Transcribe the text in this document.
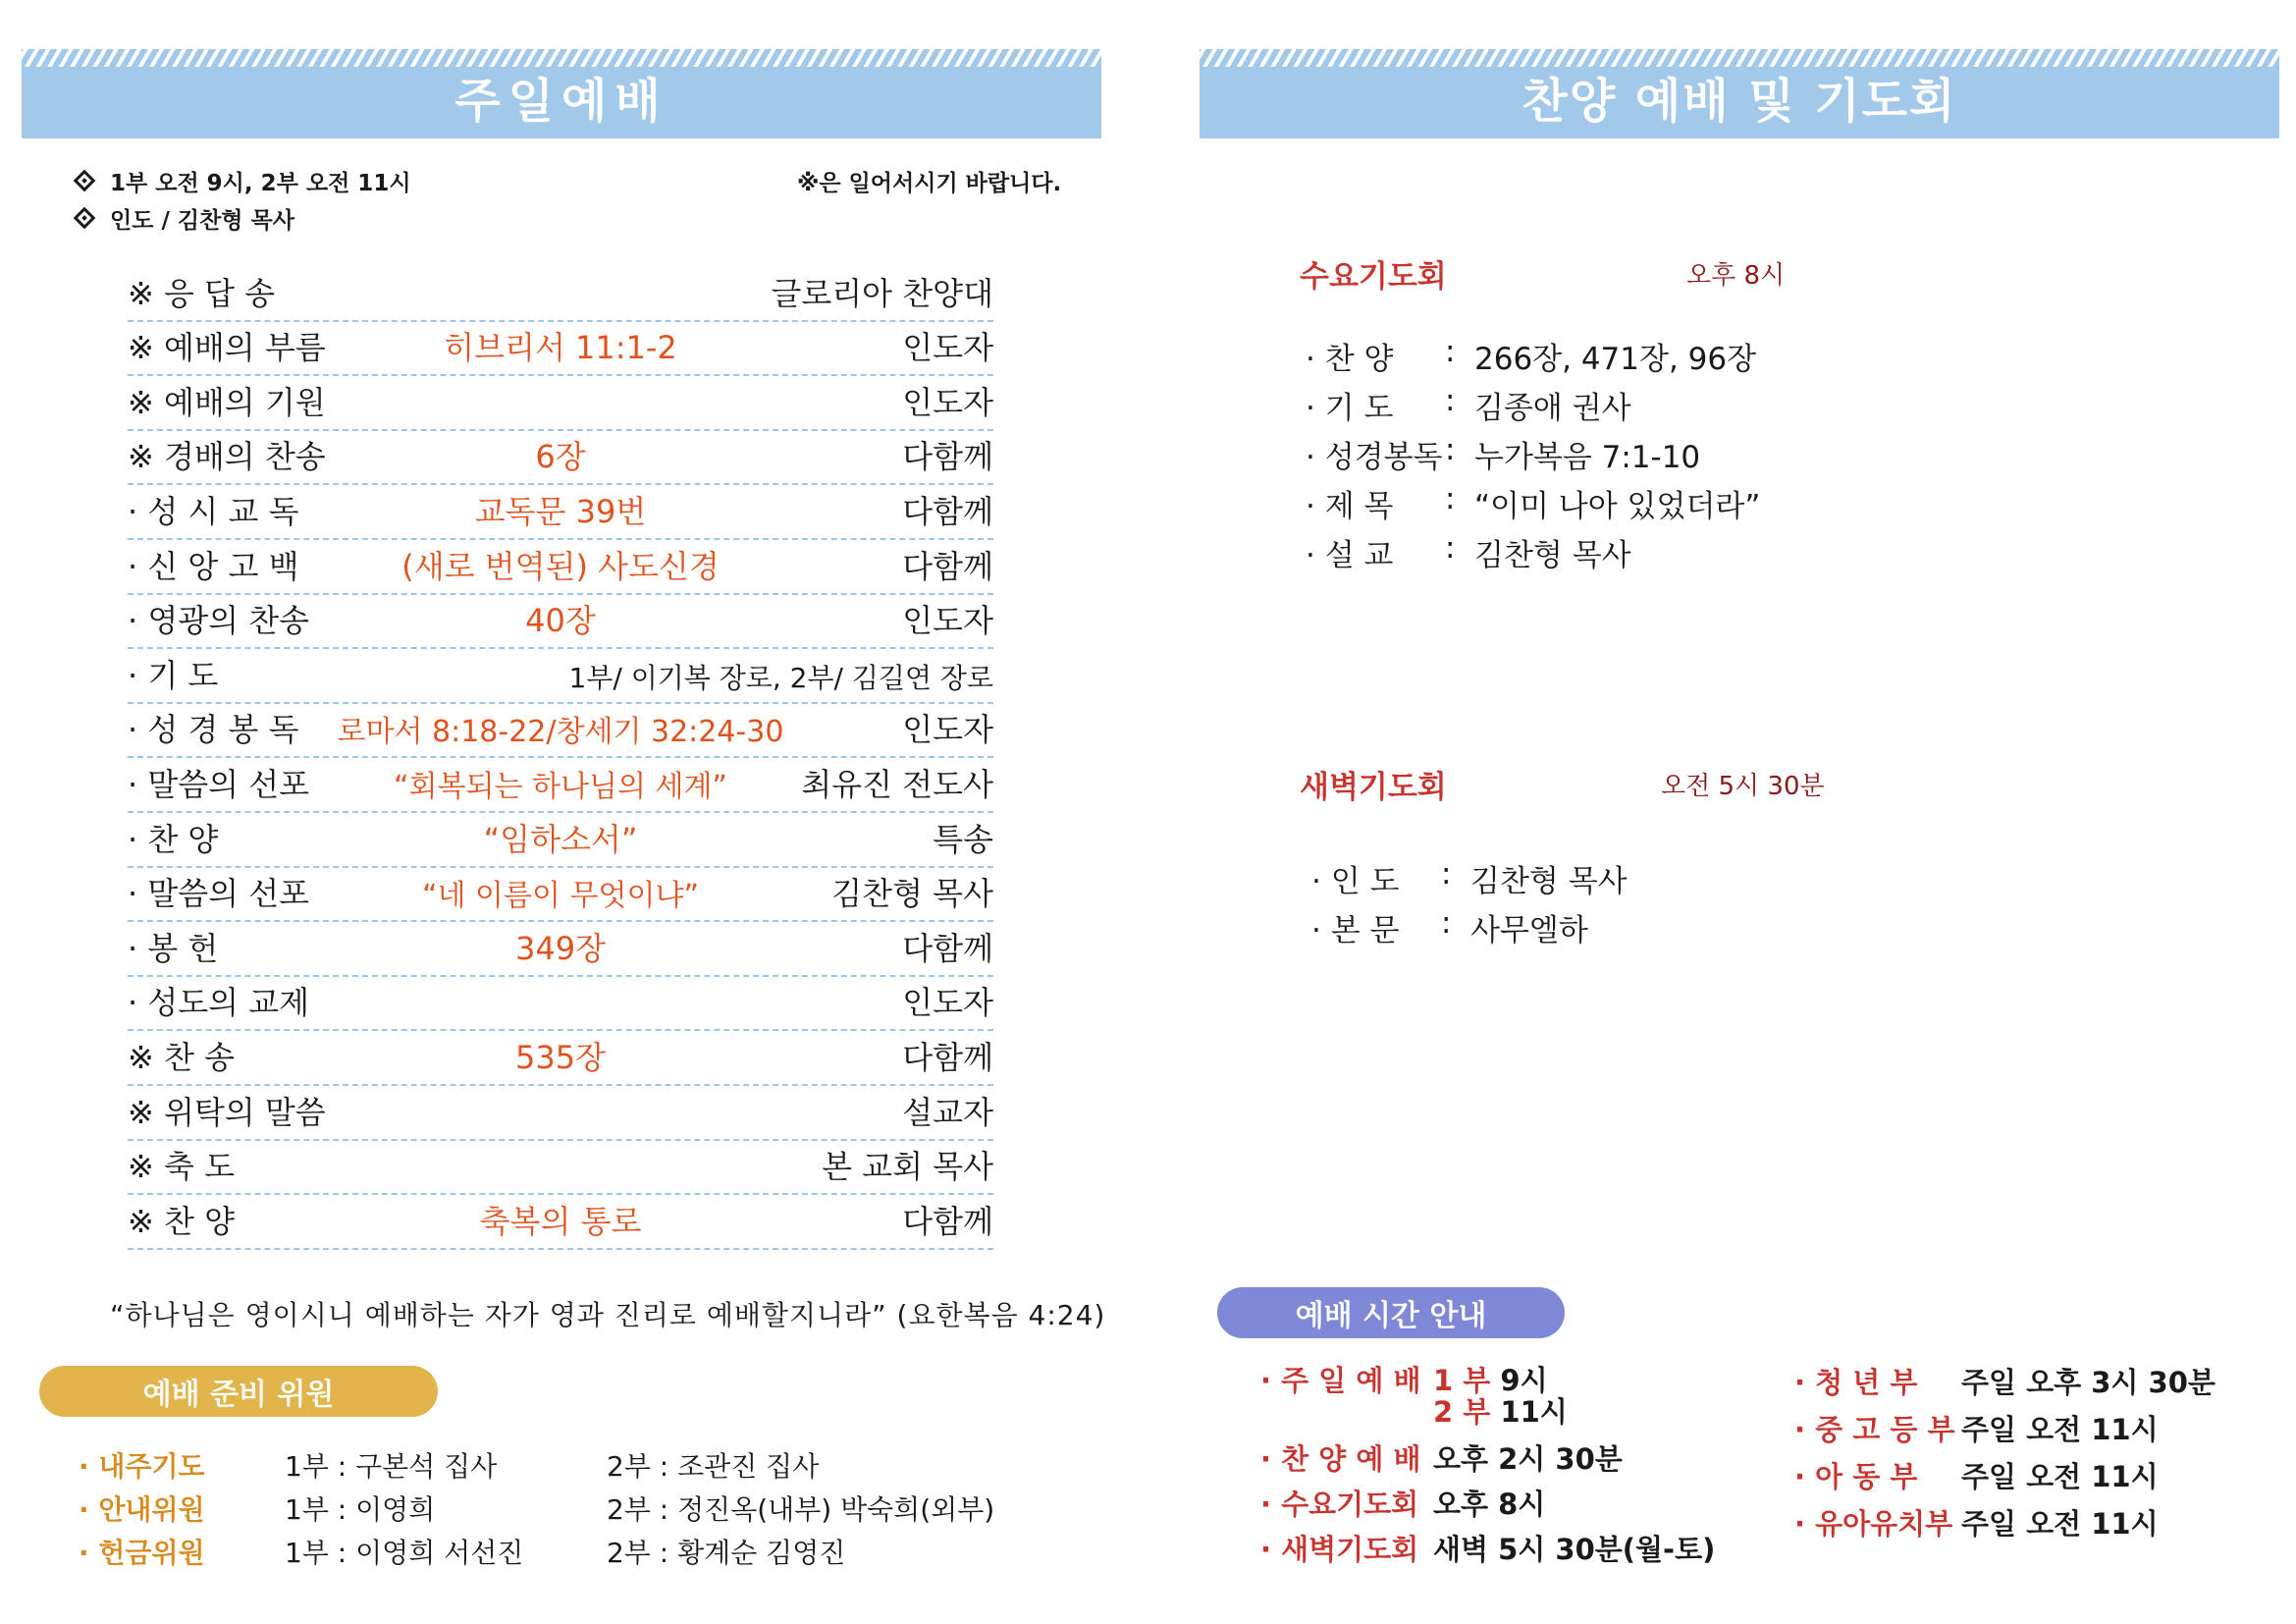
주일예배
1부 오전 9시, 2부 오전 11시
인도 / 김찬형 목사
※은 일어서시기 바랍니다.
※ 응 답 송	글로리아 찬양대
※ 예배의 부름	히브리서 11:1-2	인도자
※ 예배의 기원	인도자
※ 경배의 찬송	6장	다함께
· 성 시 교 독	교독문 39번	다함께
· 신 앙 고 백	(새로 번역된) 사도신경	다함께
· 영광의 찬송	40장	인도자
· 기 도	1부/ 이기복 장로, 2부/ 김길연 장로
· 성 경 봉 독 로마서 8:18-22/창세기 32:24-30	인도자
· 말씀의 선포	“회복되는 하나님의 세계” 최유진 전도사
· 찬 양	“임하소서”	특송
· 말씀의 선포	“네 이름이 무엇이냐”	김찬형 목사
· 봉 헌	349장	다함께
· 성도의 교제	인도자
※ 찬 송	535장	다함께
※ 위탁의 말씀	설교자
※ 축 도	본 교회 목사
※ 찬 양	축복의 통로	다함께
“하나님은 영이시니 예배하는 자가 영과 진리로 예배할지니라” (요한복음 4:24)
예배 준비 위원
· 내주기도	1부 : 구본석 집사	2부 : 조관진 집사
· 안내위원	1부 : 이영희	2부 : 정진옥(내부) 박숙희(외부)
· 헌금위원	1부 : 이영희 서선진	2부 : 황계순 김영진
찬양 예배 및 기도회
수요기도회	오후 8시
· 찬 양 : 266장, 471장, 96장
· 기 도 : 김종애 권사
· 성경봉독 : 누가복음 7:1-10
· 제 목 : “이미 나아 있었더라”
· 설 교 : 김찬형 목사
새벽기도회	오전 5시 30분
· 인 도 : 김찬형 목사
· 본 문 : 사무엘하
예배 시간 안내
· 주 일 예 배 1 부 9시
2 부 11시
· 찬 양 예 배 오후 2시 30분
· 수요기도회 오후 8시
· 새벽기도회 새벽 5시 30분(월-토)
· 청 년 부 주일 오후 3시 30분
· 중 고 등 부 주일 오전 11시
· 아 동 부 주일 오전 11시
· 유아유치부 주일 오전 11시
